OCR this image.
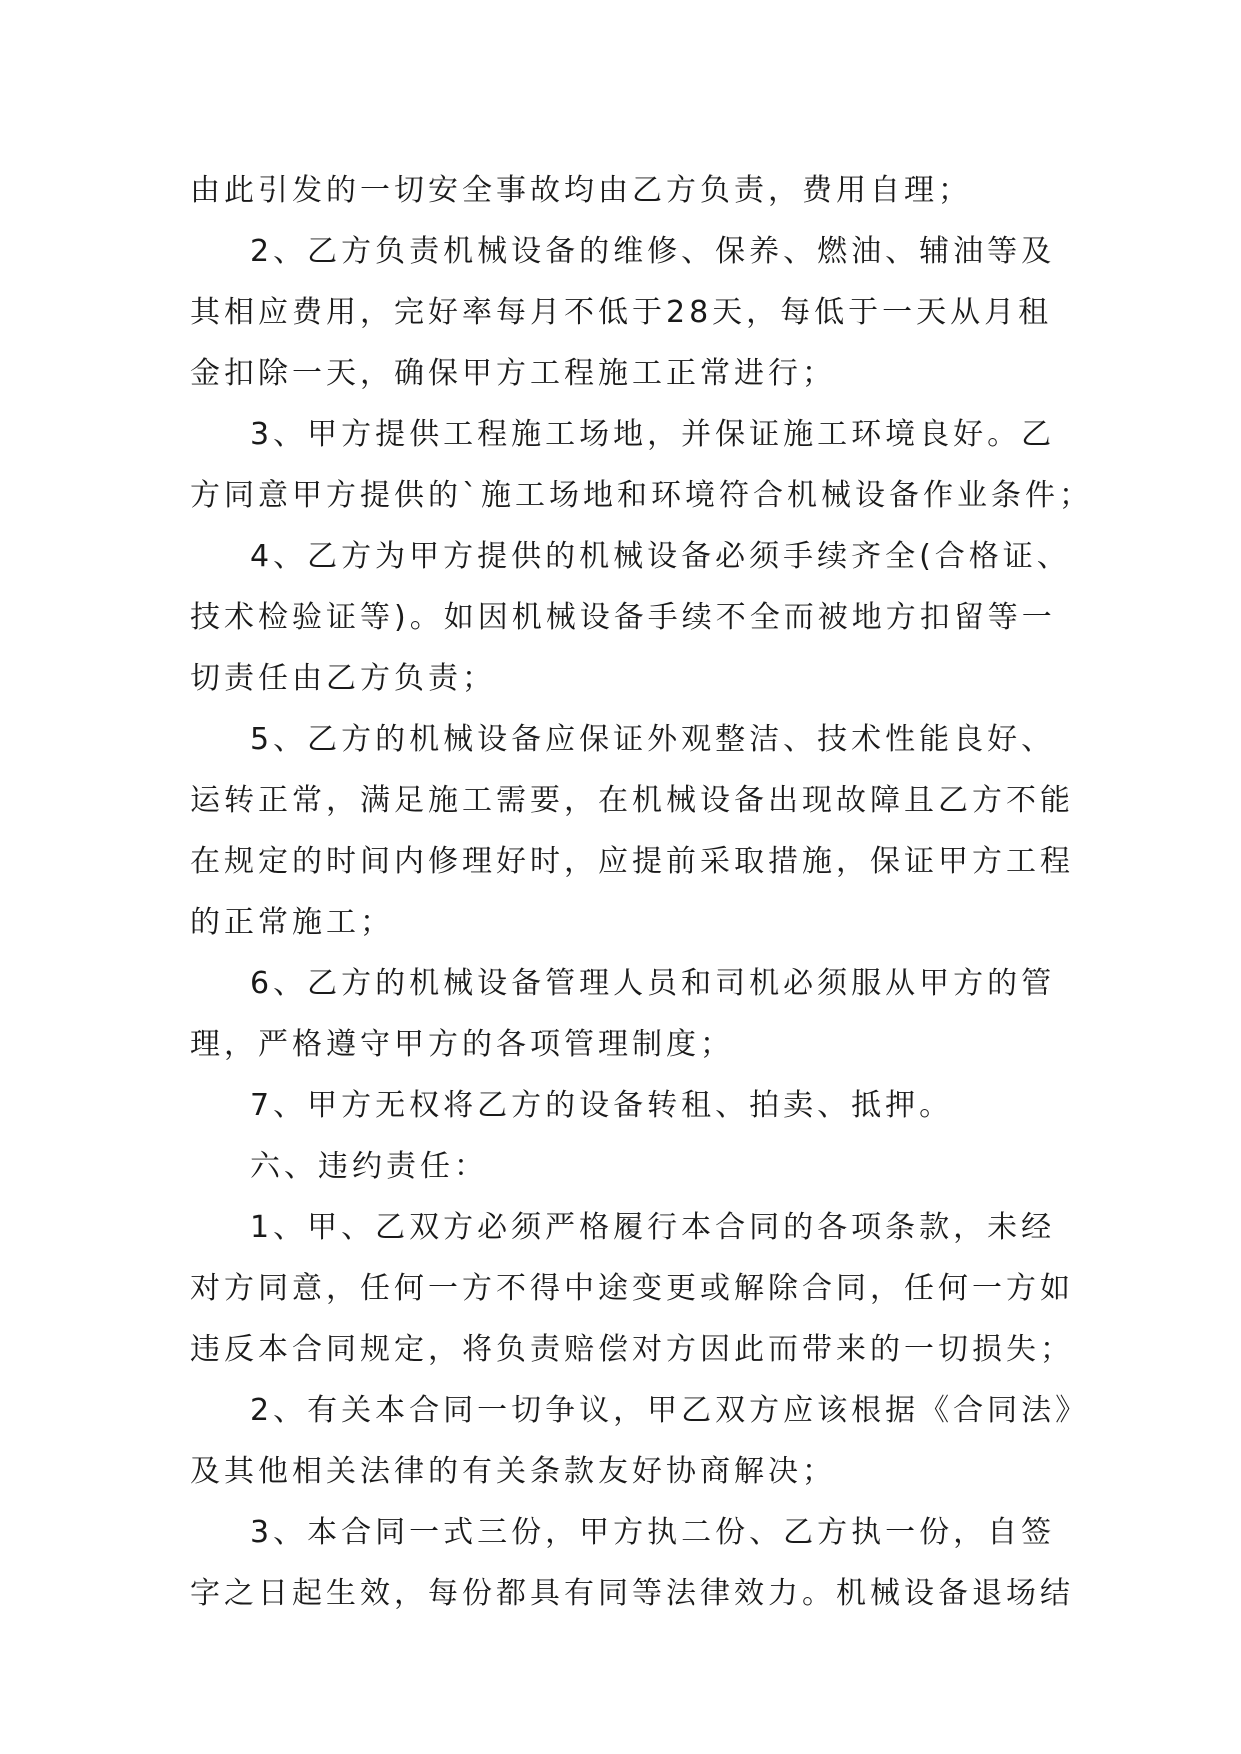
由此引发的一切安全事故均由乙方负责，费用自理；
2、乙方负责机械设备的维修、保养、燃油、辅油等及
其相应费用，完好率每月不低于28天，每低于一天从月租
金扣除一天，确保甲方工程施工正常进行；
3、甲方提供工程施工场地，并保证施工环境良好。乙
方同意甲方提供的`施工场地和环境符合机械设备作业条件；
4、乙方为甲方提供的机械设备必须手续齐全(合格证、
技术检验证等)。如因机械设备手续不全而被地方扣留等一
切责任由乙方负责；
5、乙方的机械设备应保证外观整洁、技术性能良好、
运转正常，满足施工需要，在机械设备出现故障且乙方不能
在规定的时间内修理好时，应提前采取措施，保证甲方工程
的正常施工；
6、乙方的机械设备管理人员和司机必须服从甲方的管
理，严格遵守甲方的各项管理制度；
7、甲方无权将乙方的设备转租、拍卖、抵押。
六、违约责任：
1、甲、乙双方必须严格履行本合同的各项条款，未经
对方同意，任何一方不得中途变更或解除合同，任何一方如
违反本合同规定，将负责赔偿对方因此而带来的一切损失；
2、有关本合同一切争议，甲乙双方应该根据《合同法》
及其他相关法律的有关条款友好协商解决；
3、本合同一式三份，甲方执二份、乙方执一份，自签
字之日起生效，每份都具有同等法律效力。机械设备退场结
